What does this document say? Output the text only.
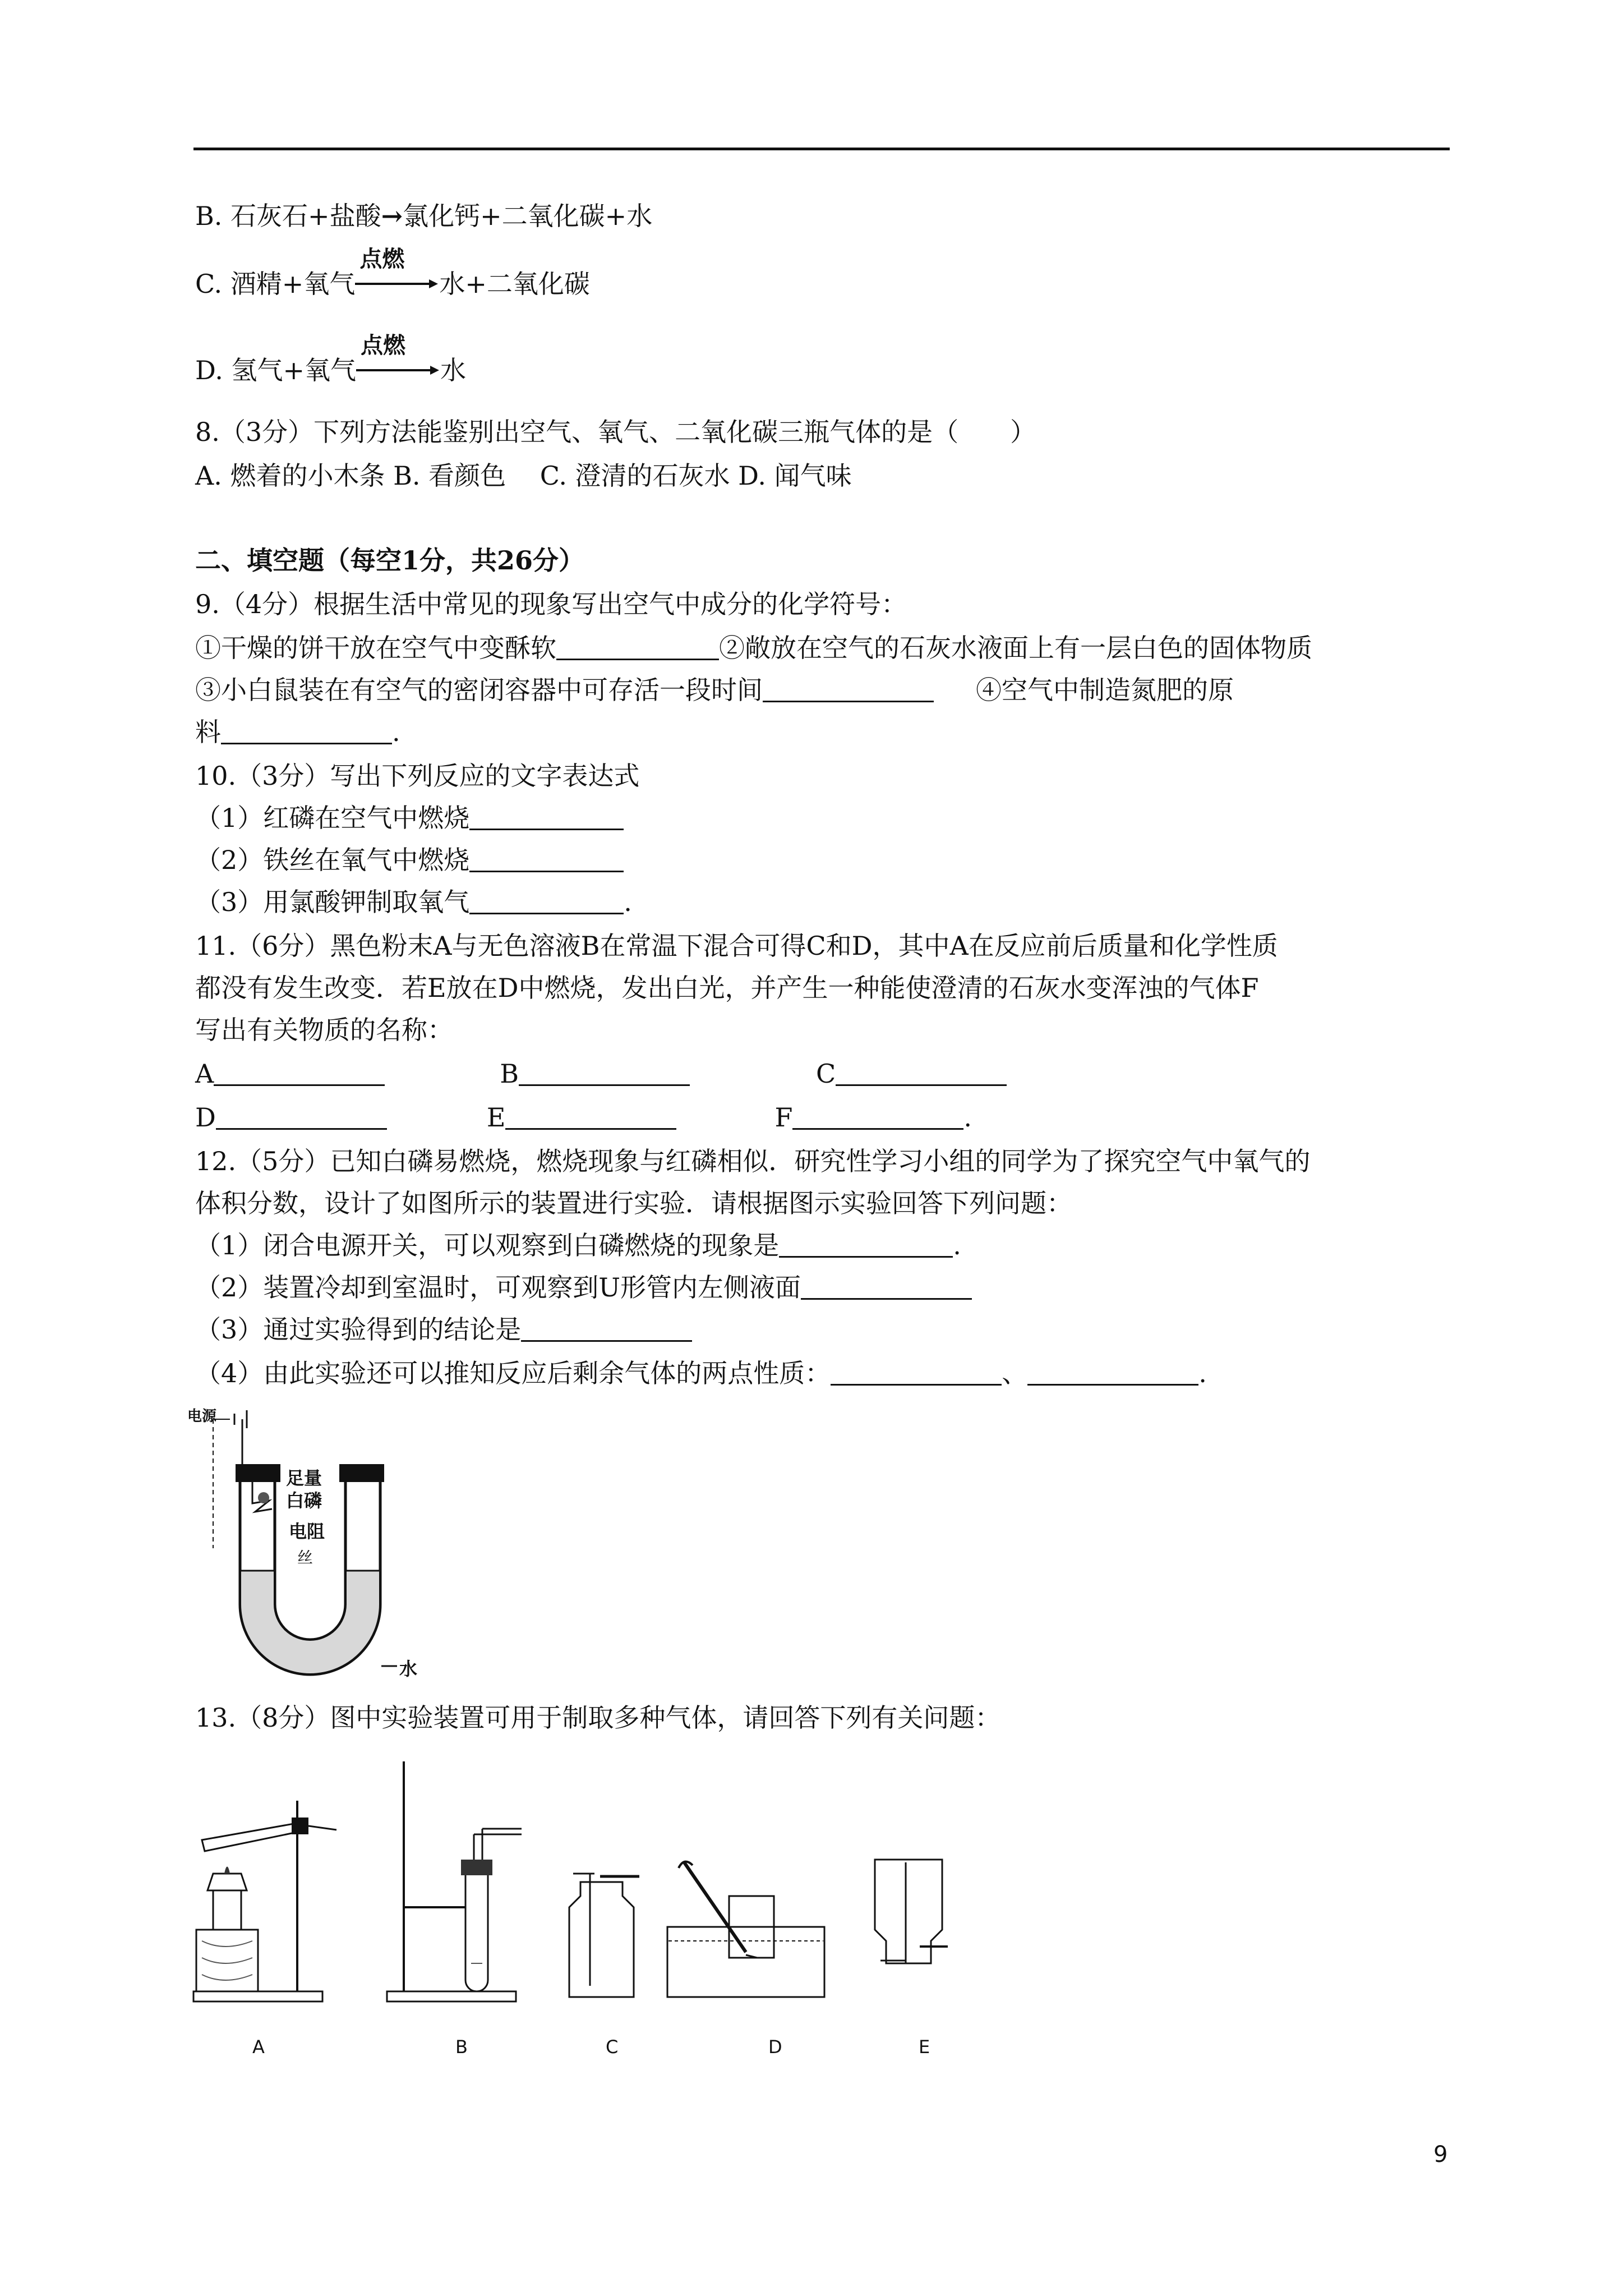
B. 石灰石+盐酸→氯化钙+二氧化碳+水
C. 酒精+氧气
点燃
水+二氧化碳
D. 氢气+氧气
点燃
水
8.（3分）下列方法能鉴别出空气、氧气、二氧化碳三瓶气体的是（　　）
A. 燃着的小木条 B. 看颜色　 C. 澄清的石灰水 D. 闻气味
二、填空题（每空1分，共26分）
9.（4分）根据生活中常见的现象写出空气中成分的化学符号：
①干燥的饼干放在空气中变酥软	②敞放在空气的石灰水液面上有一层白色的固体物质
③小白鼠装在有空气的密闭容器中可存活一段时间	④空气中制造氮肥的原
料	.
10.（3分）写出下列反应的文字表达式
（1）红磷在空气中燃烧
（2）铁丝在氧气中燃烧
（3）用氯酸钾制取氧气	.
11.（6分）黑色粉末A与无色溶液B在常温下混合可得C和D，其中A在反应前后质量和化学性质
都没有发生改变．若E放在D中燃烧，发出白光，并产生一种能使澄清的石灰水变浑浊的气体F
写出有关物质的名称：
A	B	C
D	E	F	.
12.（5分）已知白磷易燃烧，燃烧现象与红磷相似．研究性学习小组的同学为了探究空气中氧气的
体积分数，设计了如图所示的装置进行实验．请根据图示实验回答下列问题：
（1）闭合电源开关，可以观察到白磷燃烧的现象是	.
（2）装置冷却到室温时，可观察到U形管内左侧液面
（3）通过实验得到的结论是
（4）由此实验还可以推知反应后剩余气体的两点性质：	、	.
电源
足量
白磷
电阻
丝
水
13.（8分）图中实验装置可用于制取多种气体，请回答下列有关问题：
A	B	C	D	E
9
